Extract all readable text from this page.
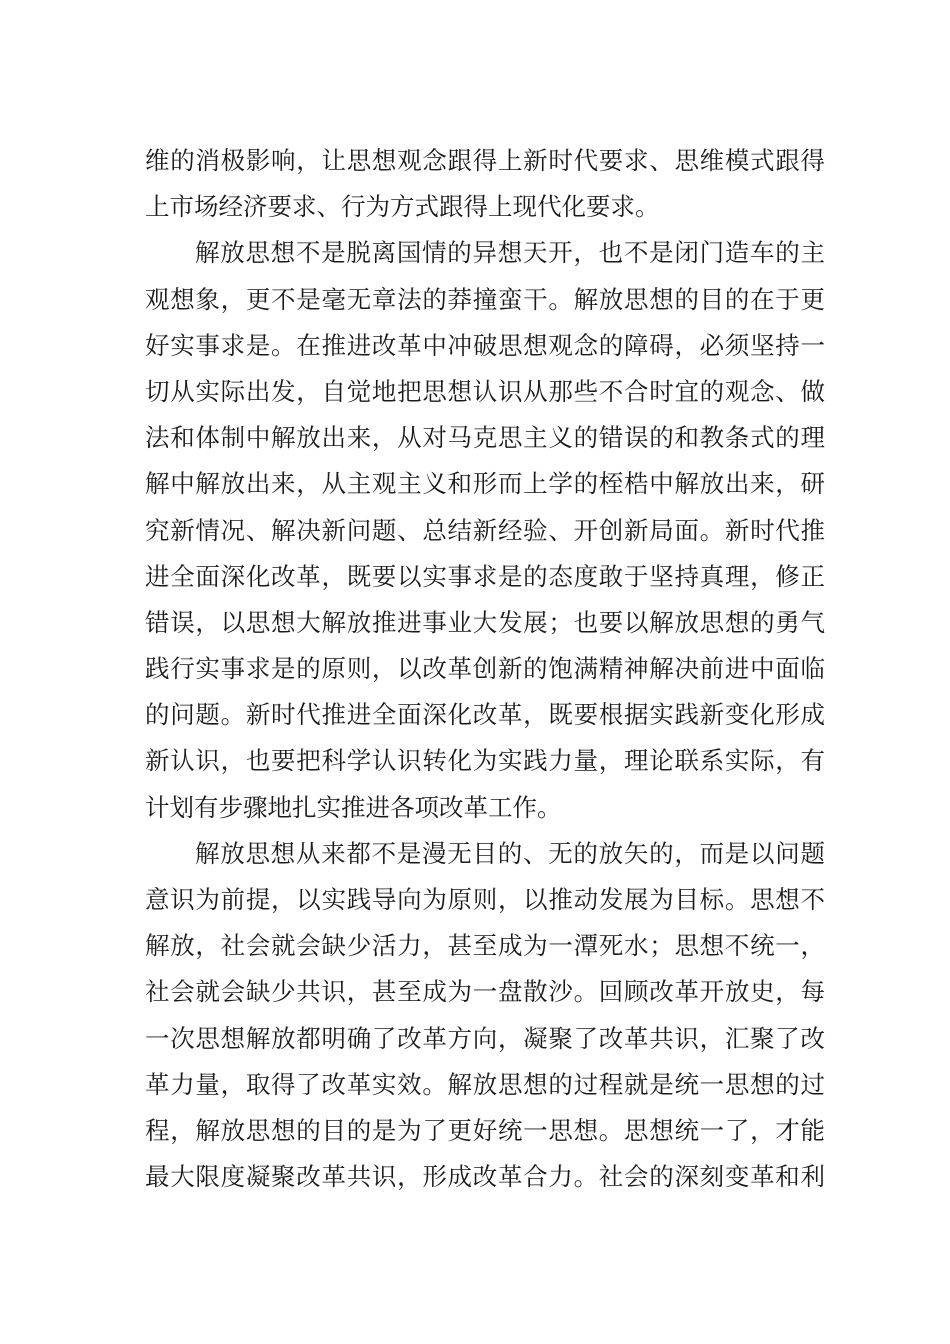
维的消极影响，让思想观念跟得上新时代要求、思维模式跟得
上市场经济要求、行为方式跟得上现代化要求。
解放思想不是脱离国情的异想天开，也不是闭门造车的主
观想象，更不是毫无章法的莽撞蛮干。解放思想的目的在于更
好实事求是。在推进改革中冲破思想观念的障碍，必须坚持一
切从实际出发，自觉地把思想认识从那些不合时宜的观念、做
法和体制中解放出来，从对马克思主义的错误的和教条式的理
解中解放出来，从主观主义和形而上学的桎梏中解放出来，研
究新情况、解决新问题、总结新经验、开创新局面。新时代推
进全面深化改革，既要以实事求是的态度敢于坚持真理，修正
错误，以思想大解放推进事业大发展；也要以解放思想的勇气
践行实事求是的原则，以改革创新的饱满精神解决前进中面临
的问题。新时代推进全面深化改革，既要根据实践新变化形成
新认识，也要把科学认识转化为实践力量，理论联系实际，有
计划有步骤地扎实推进各项改革工作。
解放思想从来都不是漫无目的、无的放矢的，而是以问题
意识为前提，以实践导向为原则，以推动发展为目标。思想不
解放，社会就会缺少活力，甚至成为一潭死水；思想不统一，
社会就会缺少共识，甚至成为一盘散沙。回顾改革开放史，每
一次思想解放都明确了改革方向，凝聚了改革共识，汇聚了改
革力量，取得了改革实效。解放思想的过程就是统一思想的过
程，解放思想的目的是为了更好统一思想。思想统一了，才能
最大限度凝聚改革共识，形成改革合力。社会的深刻变革和利
